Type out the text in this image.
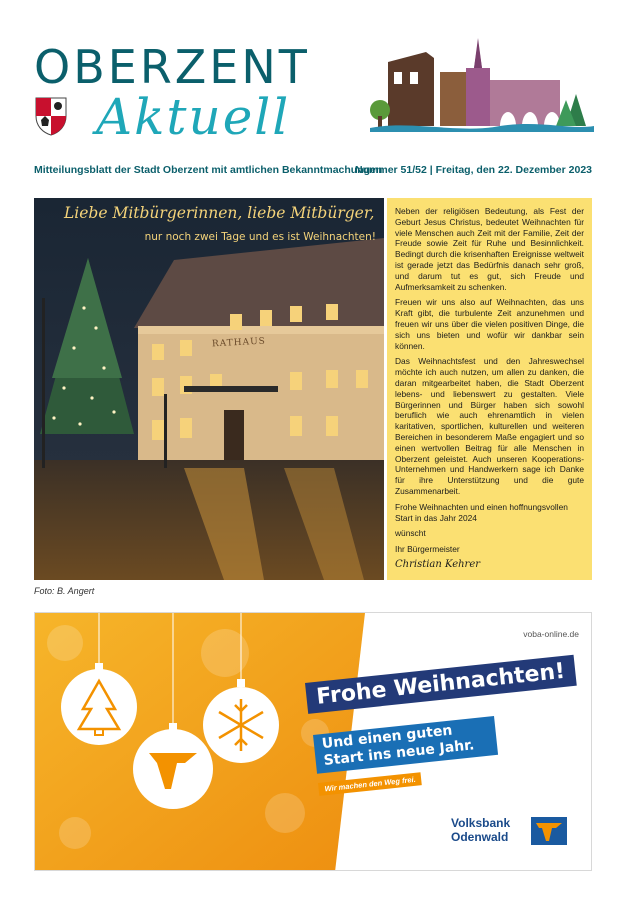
OBERZENT
Aktuell
Mitteilungsblatt der Stadt Oberzent mit amtlichen Bekanntmachungen
Nummer 51/52 | Freitag, den 22. Dezember 2023
Liebe Mitbürgerinnen, liebe Mitbürger,
nur noch zwei Tage und es ist Weihnachten!
RATHAUS

Neben der religiösen Bedeutung, als Fest der Geburt Jesus Christus, bedeutet Weihnachten für viele Menschen auch Zeit mit der Familie, Zeit der Freude sowie Zeit für Ruhe und Besinnlichkeit. Bedingt durch die krisenhaften Ereignisse weltweit ist gerade jetzt das Bedürfnis danach sehr groß, und darum tut es gut, sich Freude und Aufmerksamkeit zu schenken.

Freuen wir uns also auf Weihnachten, das uns Kraft gibt, die turbulente Zeit anzunehmen und freuen wir uns über die vielen positiven Dinge, die sich uns bieten und wofür wir dankbar sein können.

Das Weihnachtsfest und den Jahreswechsel möchte ich auch nutzen, um allen zu danken, die daran mitgearbeitet haben, die Stadt Oberzent lebens- und liebenswert zu gestalten. Viele Bürgerinnen und Bürger haben sich sowohl beruflich wie auch ehrenamtlich in vielen karitativen, sportlichen, kulturellen und weiteren Bereichen in besonderem Maße engagiert und so einen wertvollen Beitrag für alle Menschen in Oberzent geleistet. Auch unseren Kooperations-Unternehmen und Handwerkern sage ich Danke für ihre Unterstützung und die gute Zusammenarbeit.

Frohe Weihnachten und einen hoffnungsvollen Start in das Jahr 2024

wünscht

Ihr Bürgermeister

Christian Kehrer
Foto: B. Angert
voba-online.de
Frohe Weihnachten!
Und einen guten Start ins neue Jahr.
Wir machen den Weg frei.
Volksbank
Odenwald
